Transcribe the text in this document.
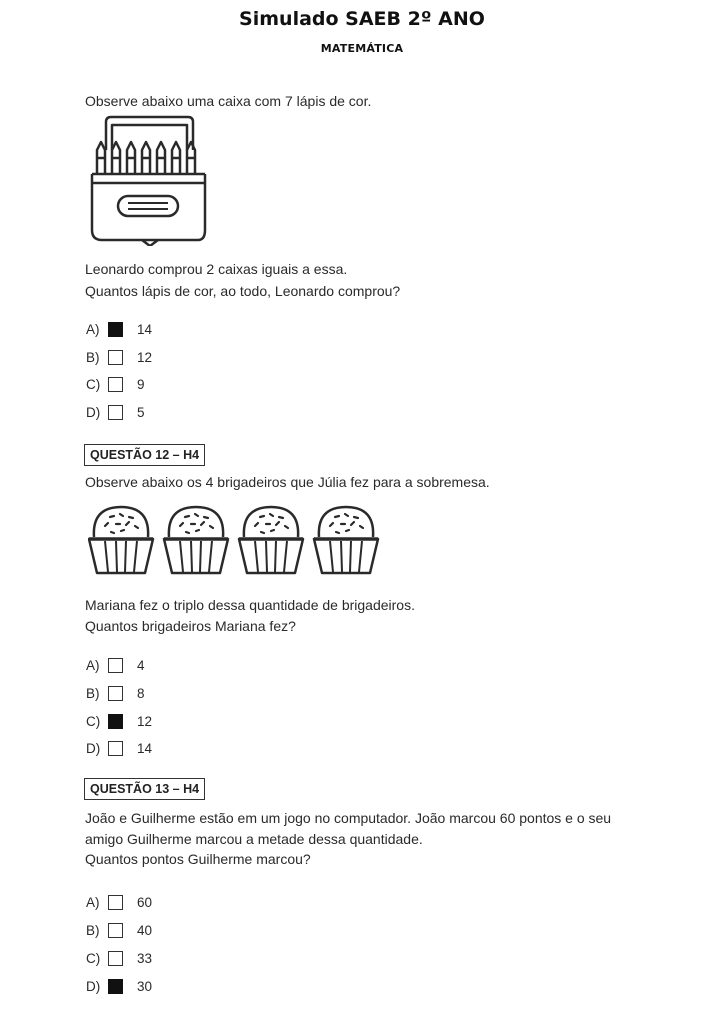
Simulado SAEB 2º ANO
MATEMÁTICA
Observe abaixo uma caixa com 7 lápis de cor.
Leonardo comprou 2 caixas iguais a essa.
Quantos lápis de cor, ao todo, Leonardo comprou?
A)	14
B)	12
C)	9
D)	5
QUESTÃO 12 – H4
Observe abaixo os 4 brigadeiros que Júlia fez para a sobremesa.
Mariana fez o triplo dessa quantidade de brigadeiros.
Quantos brigadeiros Mariana fez?
A)	4
B)	8
C)	12
D)	14
QUESTÃO 13 – H4
João e Guilherme estão em um jogo no computador. João marcou 60 pontos e o seu
amigo Guilherme marcou a metade dessa quantidade.
Quantos pontos Guilherme marcou?
A)	60
B)	40
C)	33
D)	30
